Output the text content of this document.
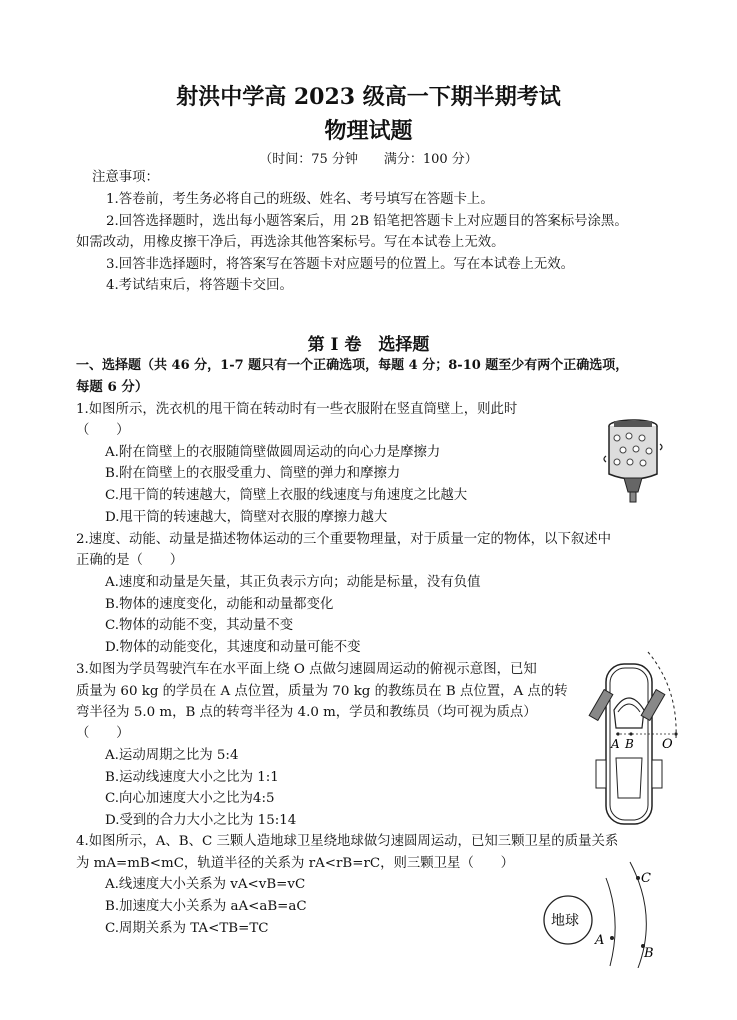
射洪中学高 2023 级高一下期半期考试
物理试题
（时间：75 分钟　　满分：100 分）
注意事项：
1.答卷前，考生务必将自己的班级、姓名、考号填写在答题卡上。
2.回答选择题时，选出每小题答案后，用 2B 铅笔把答题卡上对应题目的答案标号涂黑。
如需改动，用橡皮擦干净后，再选涂其他答案标号。写在本试卷上无效。
3.回答非选择题时，将答案写在答题卡对应题号的位置上。写在本试卷上无效。
4.考试结束后，将答题卡交回。
第 I 卷　选择题
一、选择题（共 46 分，1-7 题只有一个正确选项，每题 4 分；8-10 题至少有两个正确选项，
每题 6 分）
1.如图所示，洗衣机的甩干筒在转动时有一些衣服附在竖直筒壁上，则此时
（　　）
A.附在筒壁上的衣服随筒壁做圆周运动的向心力是摩擦力
B.附在筒壁上的衣服受重力、筒壁的弹力和摩擦力
C.甩干筒的转速越大，筒壁上衣服的线速度与角速度之比越大
D.甩干筒的转速越大，筒壁对衣服的摩擦力越大
2.速度、动能、动量是描述物体运动的三个重要物理量，对于质量一定的物体，以下叙述中
正确的是（　　）
A.速度和动量是矢量，其正负表示方向；动能是标量，没有负值
B.物体的速度变化，动能和动量都变化
C.物体的动能不变，其动量不变
D.物体的动能变化，其速度和动量可能不变
3.如图为学员驾驶汽车在水平面上绕 O 点做匀速圆周运动的俯视示意图，已知
质量为 60 kg 的学员在 A 点位置，质量为 70 kg 的教练员在 B 点位置，A 点的转
弯半径为 5.0 m，B 点的转弯半径为 4.0 m，学员和教练员（均可视为质点）
（　　）
A.运动周期之比为 5:4
B.运动线速度大小之比为 1:1
C.向心加速度大小之比为4:5
D.受到的合力大小之比为 15:14
A B O
4.如图所示，A、B、C 三颗人造地球卫星绕地球做匀速圆周运动，已知三颗卫星的质量关系
为 mA=mB<mC，轨道半径的关系为 rA<rB=rC，则三颗卫星（　　）
A.线速度大小关系为 vA<vB=vC
B.加速度大小关系为 aA<aB=aC
C.周期关系为 TA<TB=TC	地球
A
C
B
